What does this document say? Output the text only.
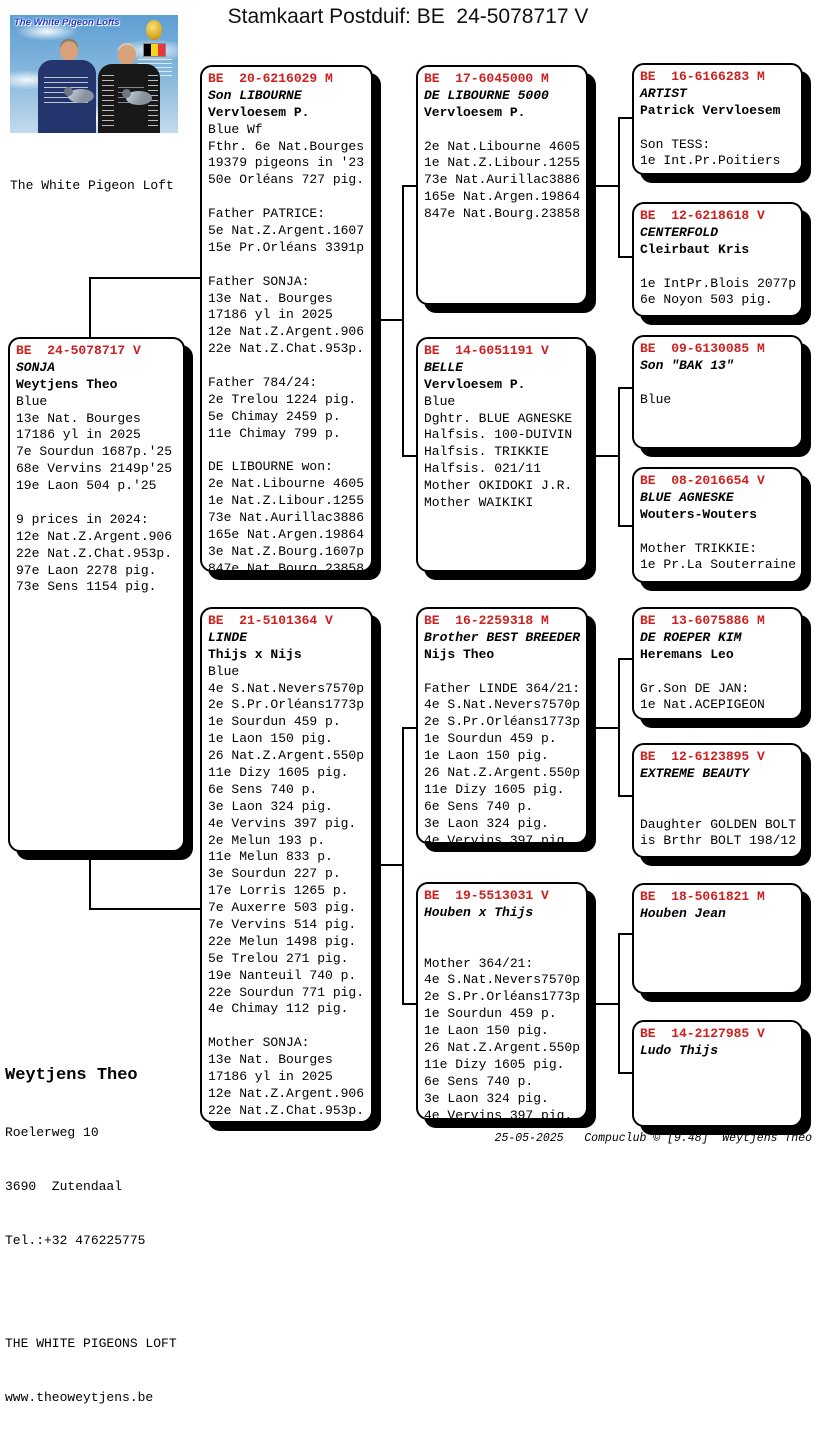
Stamkaart Postduif: BE  24-5078717 V
The White Pigeon Lofts
The White Pigeon Loft
BE  24-5078717 V
SONJA
Weytjens Theo
Blue
13e Nat. Bourges
17186 yl in 2025
7e Sourdun 1687p.'25
68e Vervins 2149p'25
19e Laon 504 p.'25
9 prices in 2024:
12e Nat.Z.Argent.906
22e Nat.Z.Chat.953p.
97e Laon 2278 pig.
73e Sens 1154 pig.
BE  20-6216029 M
Son LIBOURNE
Vervloesem P.
Blue Wf
Fthr. 6e Nat.Bourges
19379 pigeons in '23
50e Orléans 727 pig.
Father PATRICE:
5e Nat.Z.Argent.1607
15e Pr.Orléans 3391p
Father SONJA:
13e Nat. Bourges
17186 yl in 2025
12e Nat.Z.Argent.906
22e Nat.Z.Chat.953p.
Father 784/24:
2e Trelou 1224 pig.
5e Chimay 2459 p.
11e Chimay 799 p.
DE LIBOURNE won:
2e Nat.Libourne 4605
1e Nat.Z.Libour.1255
73e Nat.Aurillac3886
165e Nat.Argen.19864
3e Nat.Z.Bourg.1607p
847e Nat.Bourg.23858
BE  21-5101364 V
LINDE
Thijs x Nijs
Blue
4e S.Nat.Nevers7570p
2e S.Pr.Orléans1773p
1e Sourdun 459 p.
1e Laon 150 pig.
26 Nat.Z.Argent.550p
11e Dizy 1605 pig.
6e Sens 740 p.
3e Laon 324 pig.
4e Vervins 397 pig.
2e Melun 193 p.
11e Melun 833 p.
3e Sourdun 227 p.
17e Lorris 1265 p.
7e Auxerre 503 pig.
7e Vervins 514 pig.
22e Melun 1498 pig.
5e Trelou 271 pig.
19e Nanteuil 740 p.
22e Sourdun 771 pig.
4e Chimay 112 pig.
Mother SONJA:
13e Nat. Bourges
17186 yl in 2025
12e Nat.Z.Argent.906
22e Nat.Z.Chat.953p.
BE  17-6045000 M
DE LIBOURNE 5000
Vervloesem P.
2e Nat.Libourne 4605
1e Nat.Z.Libour.1255
73e Nat.Aurillac3886
165e Nat.Argen.19864
847e Nat.Bourg.23858
BE  14-6051191 V
BELLE
Vervloesem P.
Blue
Dghtr. BLUE AGNESKE
Halfsis. 100-DUIVIN
Halfsis. TRIKKIE
Halfsis. 021/11
Mother OKIDOKI J.R.
Mother WAIKIKI
BE  16-2259318 M
Brother BEST BREEDER
Nijs Theo
Father LINDE 364/21:
4e S.Nat.Nevers7570p
2e S.Pr.Orléans1773p
1e Sourdun 459 p.
1e Laon 150 pig.
26 Nat.Z.Argent.550p
11e Dizy 1605 pig.
6e Sens 740 p.
3e Laon 324 pig.
4e Vervins 397 pig.
BE  19-5513031 V
Houben x Thijs
Mother 364/21:
4e S.Nat.Nevers7570p
2e S.Pr.Orléans1773p
1e Sourdun 459 p.
1e Laon 150 pig.
26 Nat.Z.Argent.550p
11e Dizy 1605 pig.
6e Sens 740 p.
3e Laon 324 pig.
4e Vervins 397 pig.
BE  16-6166283 M
ARTIST
Patrick Vervloesem
Son TESS:
1e Int.Pr.Poitiers
BE  12-6218618 V
CENTERFOLD
Cleirbaut Kris
1e IntPr.Blois 2077p
6e Noyon 503 pig.
BE  09-6130085 M
Son "BAK 13"
Blue
BE  08-2016654 V
BLUE AGNESKE
Wouters-Wouters
Mother TRIKKIE:
1e Pr.La Souterraine
BE  13-6075886 M
DE ROEPER KIM
Heremans Leo
Gr.Son DE JAN:
1e Nat.ACEPIGEON
BE  12-6123895 V
EXTREME BEAUTY
Daughter GOLDEN BOLT
is Brthr BOLT 198/12
BE  18-5061821 M
Houben Jean
BE  14-2127985 V
Ludo Thijs

Weytjens Theo

Roelerweg 10

3690  Zutendaal

Tel.:+32 476225775

THE WHITE PIGEONS LOFT

www.theoweytjens.be

25-05-2025   Compuclub © [9.48]  Weytjens Theo
